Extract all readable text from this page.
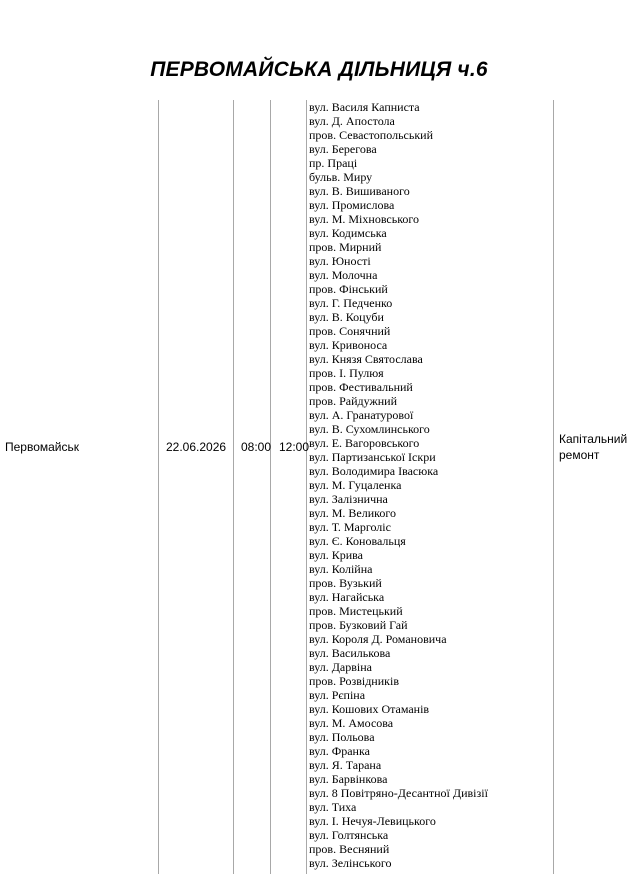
ПЕРВОМАЙСЬКА ДІЛЬНИЦЯ ч.6
Первомайськ	22.06.2026 08:00 12:00
Капітальний
ремонт
вул. Василя Капниста
вул. Д. Апостола
пров. Севастопольський
вул. Берегова
пр. Праці
бульв. Миру
вул. В. Вишиваного
вул. Промислова
вул. М. Міхновського
вул. Кодимська
пров. Мирний
вул. Юності
вул. Молочна
пров. Фінський
вул. Г. Педченко
вул. В. Коцуби
пров. Сонячний
вул. Кривоноса
вул. Князя Святослава
пров. І. Пулюя
пров. Фестивальний
пров. Райдужний
вул. А. Гранатурової
вул. В. Сухомлинського
вул. Е. Вагоровського
вул. Партизанської Іскри
вул. Володимира Івасюка
вул. М. Гуцаленка
вул. Залізнична
вул. М. Великого
вул. Т. Марголіс
вул. Є. Коновальця
вул. Крива
вул. Колійна
пров. Вузький
вул. Нагайська
пров. Мистецький
пров. Бузковий Гай
вул. Короля Д. Романовича
вул. Василькова
вул. Дарвіна
пров. Розвідників
вул. Рєпіна
вул. Кошових Отаманів
вул. М. Амосова
вул. Польова
вул. Франка
вул. Я. Тарана
вул. Барвінкова
вул. 8 Повітряно-Десантної Дивізії
вул. Тиха
вул. І. Нечуя-Левицького
вул. Голтянська
пров. Весняний
вул. Зелінського
